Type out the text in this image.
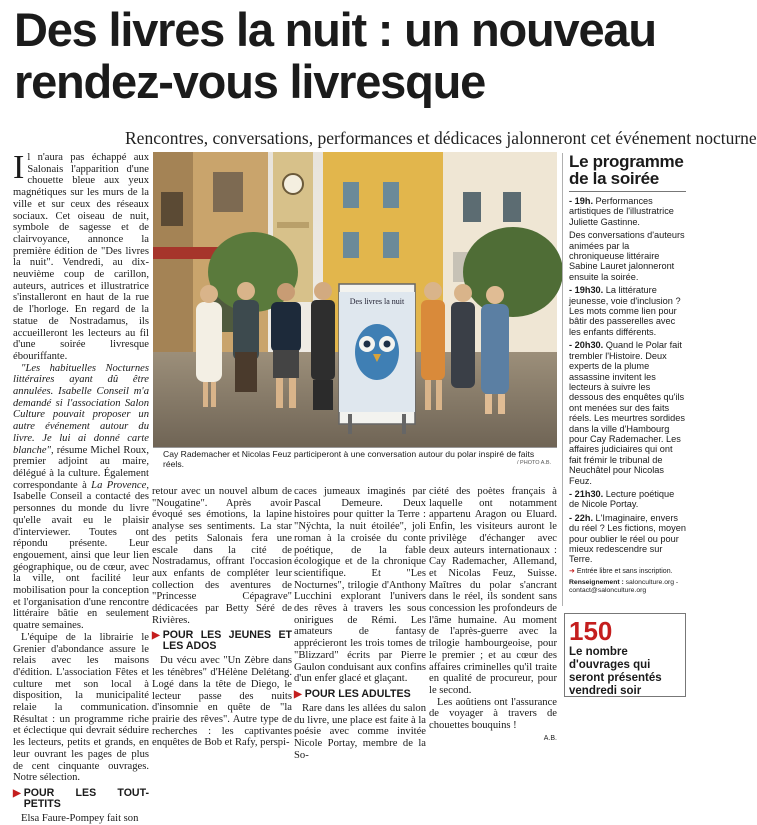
Des livres la nuit : un nouveau
rendez-vous livresque
Rencontres, conversations, performances et dédicaces jalonneront cet événement nocturne

Il n'aura pas échappé aux Salonais l'apparition d'une chouette bleue aux yeux magnétiques sur les murs de la ville et sur ceux des réseaux sociaux. Cet oiseau de nuit, symbole de sagesse et de clairvoyance, annonce la première édition de "Des livres la nuit". Vendredi, au dix-neuvième coup de carillon, auteurs, autrices et illustratrice s'installeront en haut de la rue de l'horloge. En regard de la statue de Nostradamus, ils accueilleront les lecteurs au fil d'une soirée livresque ébouriffante.

"Les habituelles Nocturnes littéraires ayant dû être annulées. Isabelle Conseil m'a demandé si l'association Salon Culture pouvait proposer un autre événement autour du livre. Je lui ai donné carte blanche", résume Michel Roux, premier adjoint au maire, délégué à la culture. Également correspondante à La Provence, Isabelle Conseil a contacté des personnes du monde du livre qu'elle avait eu le plaisir d'interviewer. Toutes ont répondu présente. Leur engouement, ainsi que leur lien géographique, ou de cœur, avec la ville, ont facilité leur mobilisation pour la conception et l'organisation d'une rencontre littéraire bâtie en seulement quatre semaines.

L'équipe de la librairie le Grenier d'abondance assure le relais avec les maisons d'édition. L'association Fêtes et culture met son local à disposition, la municipalité relaie la communication. Résultat : un programme riche et éclectique qui devrait séduire les lecteurs, petits et grands, en leur ouvrant les pages de plus de cent cinquante ouvrages. Notre sélection.

▶ POUR LES TOUT-PETITS

Elsa Faure-Pompey fait son

Des livres la nuit
Cay Rademacher et Nicolas Feuz participeront à une conversation autour du polar inspiré de faits réels.	/ PHOTO A.B.

retour avec un nouvel album de "Nougatine". Après avoir évoqué ses émotions, la lapine analyse ses sentiments. La star des petits Salonais fera une escale dans la cité de Nostradamus, offrant l'occasion aux enfants de compléter leur collection des aventures de "Princesse Cépagrave" dédicacées par Betty Séré de Rivières.

▶ POUR LES JEUNES ET LES ADOS

Du vécu avec "Un Zèbre dans les ténèbres" d'Hélène Delétang. Logé dans la tête de Diego, le lecteur passe des nuits d'insomnie en quête de "la prairie des rêves". Autre type de recherches : les captivantes enquêtes de Bob et Rafy, perspi-

caces jumeaux imaginés par Pascal Demeure. Deux histoires pour quitter la Terre : "Nÿchta, la nuit étoilée", joli roman à la croisée du conte poétique, de la fable écologique et de la chronique scientifique. Et "Les Nocturnes", trilogie d'Anthony Lucchini explorant l'univers des rêves à travers les sous onirigues de Rémi. Les amateurs de fantasy apprécieront les trois tomes de "Blizzard" écrits par Pierre Gaulon conduisant aux confins d'un enfer glacé et glaçant.

▶ POUR LES ADULTES

Rare dans les allées du salon du livre, une place est faite à la poésie avec comme invitée Nicole Portay, membre de la So-

ciété des poètes français à laquelle ont notamment appartenu Aragon ou Eluard. Enfin, les visiteurs auront le privilège d'échanger avec deux auteurs internationaux : Cay Rademacher, Allemand, et Nicolas Feuz, Suisse. Maîtres du polar s'ancrant dans le réel, ils sondent sans concession les profondeurs de l'âme humaine. Au moment de l'après-guerre avec la trilogie hambourgeoise, pour le premier ; et au cœur des affaires criminelles qu'il traite en qualité de procureur, pour le second.

Les aoûtiens ont l'assurance de voyager à travers de chouettes bouquins !

A.B.
Le programme de la soirée
- 19h. Performances artistiques de l'illustratrice Juliette Gastinne.
Des conversations d'auteurs animées par la chroniqueuse littéraire Sabine Lauret jalonneront ensuite la soirée.
- 19h30. La littérature jeunesse, voie d'inclusion ? Les mots comme lien pour bâtir des passerelles avec les enfants différents.
- 20h30. Quand le Polar fait trembler l'Histoire. Deux experts de la plume assassine invitent les lecteurs à suivre les dessous des enquêtes qu'ils ont menées sur des faits réels. Les meurtres sordides dans la ville d'Hambourg pour Cay Rademacher. Les affaires judiciaires qui ont fait frémir le tribunal de Neuchâtel pour Nicolas Feuz.
- 21h30. Lecture poétique de Nicole Portay.
- 22h. L'Imaginaire, envers du réel ? Les fictions, moyen pour oublier le réel ou pour mieux redescendre sur Terre.
➜ Entrée libre et sans inscription.
Renseignement : salonculture.org - contact@salonculture.org
150
Le nombre d'ouvrages qui seront présentés vendredi soir
